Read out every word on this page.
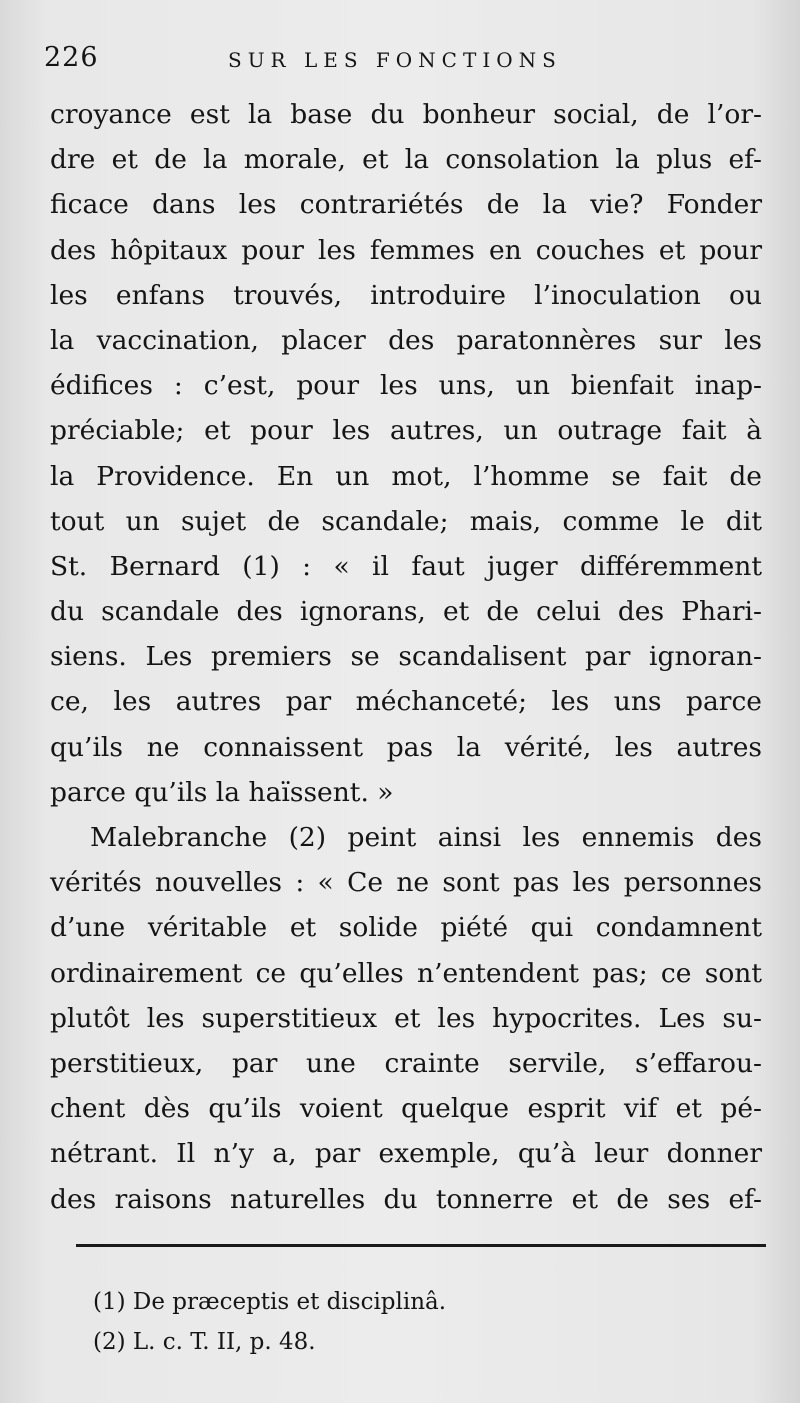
226	SUR LES FONCTIONS
croyance est la base du bonheur social, de l’or-
dre et de la morale, et la consolation la plus ef-
ficace dans les contrariétés de la vie? Fonder
des hôpitaux pour les femmes en couches et pour
les enfans trouvés, introduire l’inoculation ou
la vaccination, placer des paratonnères sur les
édifices : c’est, pour les uns, un bienfait inap-
préciable; et pour les autres, un outrage fait à
la Providence. En un mot, l’homme se fait de
tout un sujet de scandale; mais, comme le dit
St. Bernard (1) : « il faut juger différemment
du scandale des ignorans, et de celui des Phari-
siens. Les premiers se scandalisent par ignoran-
ce, les autres par méchanceté; les uns parce
qu’ils ne connaissent pas la vérité, les autres
parce qu’ils la haïssent. »
Malebranche (2) peint ainsi les ennemis des
vérités nouvelles : « Ce ne sont pas les personnes
d’une véritable et solide piété qui condamnent
ordinairement ce qu’elles n’entendent pas; ce sont
plutôt les superstitieux et les hypocrites. Les su-
perstitieux, par une crainte servile, s’effarou-
chent dès qu’ils voient quelque esprit vif et pé-
nétrant. Il n’y a, par exemple, qu’à leur donner
des raisons naturelles du tonnerre et de ses ef-
(1) De præceptis et disciplinâ.
(2) L. c. T. II, p. 48.
